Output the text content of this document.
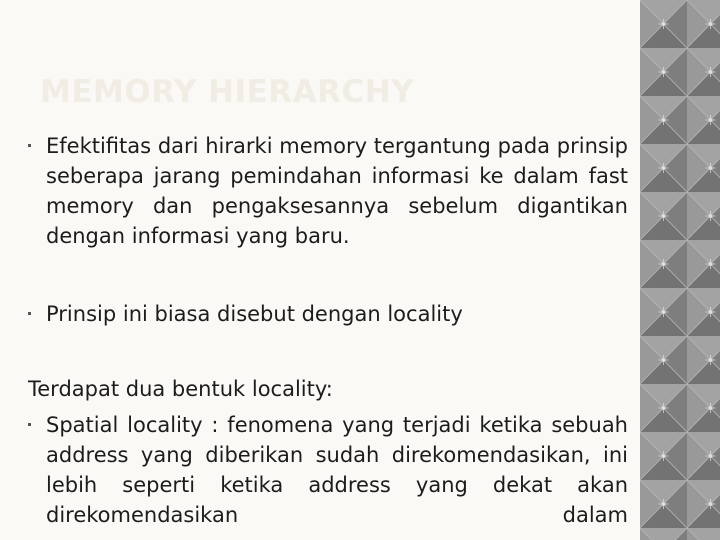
MEMORY HIERARCHY
Efektifitas dari hirarki memory tergantung pada prinsip seberapa jarang pemindahan informasi ke dalam fast memory dan pengaksesannya sebelum digantikan dengan informasi yang baru.
Prinsip ini biasa disebut dengan locality
Terdapat dua bentuk locality:
Spatial locality : fenomena yang terjadi ketika sebuah address yang diberikan sudah direkomendasikan, ini lebih seperti ketika address yang dekat akan direkomendasikan dalam
